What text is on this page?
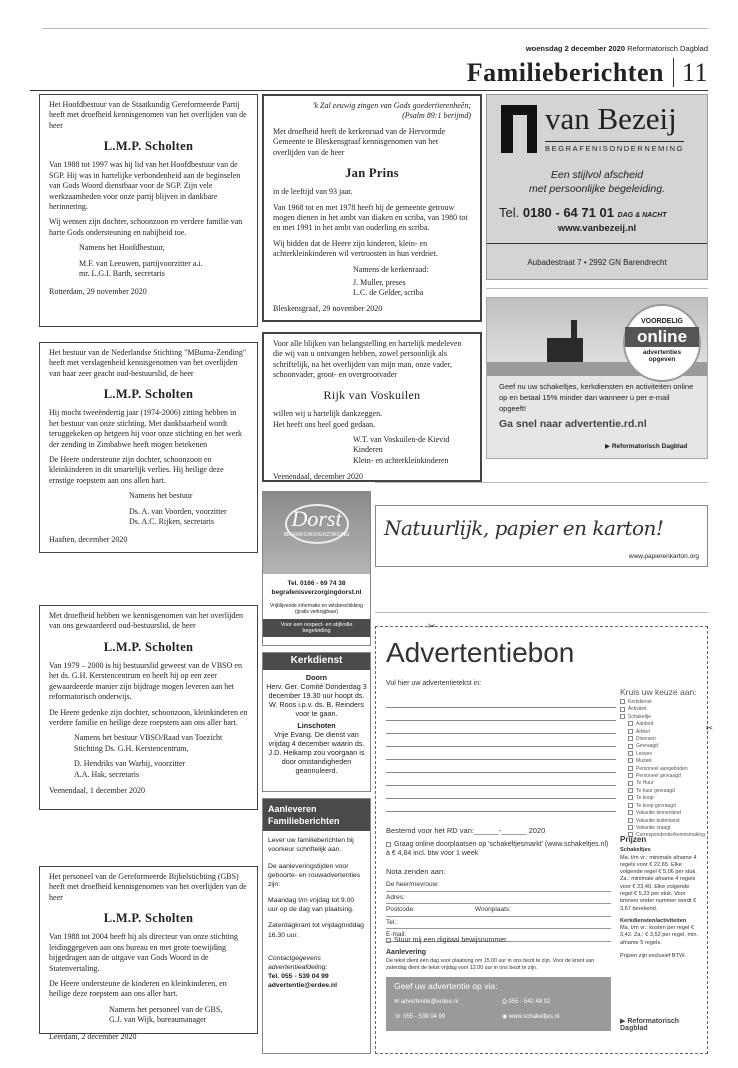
woensdag 2 december 2020 Reformatorisch Dagblad
Familieberichten 11

Het Hoofdbestuur van de Staatkundig Gereformeerde Partij heeft met droefheid kennisgenomen van het overlijden van de heer

L.M.P. Scholten

Van 1988 tot 1997 was hij lid van het Hoofdbestuur van de SGP. Hij was in hartelijke verbondenheid aan de beginselen van Gods Woord dienstbaar voor de SGP. Zijn vele werkzaamheden voor onze partij blijven in dankbare herinnering.

Wij wensen zijn dochter, schoonzoon en verdere familie van harte Gods ondersteuning en nabijheid toe.

Namens het Hoofdbestuur,

M.F. van Leeuwen, partijvoorzitter a.i.
mr. L.G.I. Barth, secretaris
Rotterdam, 29 november 2020
'k Zal eeuwig zingen van Gods goedertierenheên;
(Psalm 89:1 berijmd)

Met droefheid heeft de kerkenraad van de Hervormde Gemeente te Bleskensgraaf kennisgenomen van het overlijden van de heer

Jan Prins

in de leeftijd van 93 jaar.

Van 1968 tot en met 1978 heeft hij de gemeente getrouw mogen dienen in het ambt van diaken en scriba, van 1980 tot en met 1991 in het ambt van ouderling en scriba.

Wij bidden dat de Heere zijn kinderen, klein- en achterkleinkinderen wil vertroosten in hun verdriet.

Namens de kerkenraad:
J. Muller, preses
L.C. de Gelder, scriba
Bleskensgraaf, 29 november 2020
van Bezeij
BEGRAFENISONDERNEMING
Een stijlvol afscheid
met persoonlijke begeleiding.
Tel. 0180 - 64 71 01 DAG & NACHT
www.vanbezeij.nl
Aubadestraat 7 • 2992 GN Barendrecht
VOORDELIG
online
advertenties opgeven
Geef nu uw schakeltjes, kerkdiensten en activiteiten online op en betaal 15% minder dan wanneer u per e-mail opgeeft!
Ga snel naar advertentie.rd.nl
▶ Reformatorisch Dagblad

Het bestuur van de Nederlandse Stichting "MBuma-Zending" heeft met verslagenheid kennisgenomen van het overlijden van haar zeer geacht oud-bestuurslid, de heer

L.M.P. Scholten

Hij mocht tweeëndertig jaar (1974-2006) zitting hebben in het bestuur van onze stichting. Met dankbaarheid wordt teruggekeken op hetgeen hij voor onze stichting en het werk der zending in Zimbabwe heeft mogen betekenen

De Heere ondersteune zijn dochter, schoonzoon en kleinkinderen in dit smartelijk verlies. Hij heilige deze ernstige roepstem aan ons allen hart.

Namens het bestuur

Ds. A. van Voorden, voorzitter
Ds. A.C. Rijken, secretaris
Haaften, december 2020

Voor alle blijken van belangstelling en hartelijk medeleven die wij van u ontvangen hebben, zowel persoonlijk als schriftelijk, na het overlijden van mijn man, onze vader, schoonvader, groot- en overgrootvader

Rijk van Voskuilen
willen wij u hartelijk dankzeggen.

Het heeft ons heel goed gedaan.

W.T. van Voskuilen-de Kievid
Kinderen
Klein- en achterkleinkinderen
Veenendaal, december 2020
Dorst
BEGRAFENISVERZORGING
Tel. 0166 - 69 74 38
begrafenisverzorgingdorst.nl
Vrijblijvende informatie en wilsbeschikking (gratis verkrijgbaar)
Voor een respect- en stijlvolle begeleiding
Kerkdienst
Doorn
Herv. Ger. Comité Donderdag 3 december 19.30 uur hoopt ds. W. Roos i.p.v. ds. B. Reinders voor te gaan.
Linschoten
Vrije Evang. De dienst van vrijdag 4 december waarin ds. J.D. Heikamp zou voorgaan is door omstandigheden geannuleerd.
Aanleveren Familieberichten

Lever uw familieberichten bij voorkeur schriftelijk aan.

De aanleveringstijden voor geboorte- en rouwadvertenties zijn:

Maandag t/m vrijdag tot 9.00 uur op de dag van plaatsing.

Zaterdagkrant tot vrijdagmiddag 16.30 uur.

Contactgegevens advertentieafdeling:

Tel. 055 - 539 04 99
advertentie@erdee.nl
Natuurlijk, papier en karton!
www.papierenkarton.org

Met droefheid hebben we kennisgenomen van het overlijden van ons gewaardeerd oud-bestuurslid, de heer

L.M.P. Scholten

Van 1979 – 2000 is hij bestuurslid geweest van de VBSO en het ds. G.H. Kerstencentrum en heeft hij op een zeer gewaardeerde manier zijn bijdrage mogen leveren aan het reformatorisch onderwijs.

De Heere gedenke zijn dochter, schoonzoon, kleinkinderen en verdere familie en heilige deze roepstem aan ons aller hart.

Namens het bestuur VBSO/Raad van Toezicht Stichting Ds. G.H. Kerstencentrum,

D. Hendriks van Warbij, voorzitter
A.A. Hak, secretaris
Veenendaal, 1 december 2020

Het personeel van de Gereformeerde Bijbelstichting (GBS) heeft met droefheid kennisgenomen van het overlijden van de heer

L.M.P. Scholten

Van 1988 tot 2004 heeft hij als directeur van onze stichting leidinggegeven aan ons bureau en met grote toewijding bijgedragen aan de uitgave van Gods Woord in de Statenvertaling.

De Heere ondersteune de kinderen en kleinkinderen, en heilige deze roepstem aan ons aller hart.

Namens het personeel van de GBS,
G.J. van Wijk, bureaumanager
Leerdam, 2 december 2020
✂
✂
Advertentiebon
Vul hier uw advertentietekst in:
Kruis uw keuze aan:
Kerkdienst
Activiteit
Schakeltje
Aanbod
Artikel
Diversen
Gevraagd
Lessen
Muziek
Personeel aangeboden
Personeel gevraagd
Te Huur
Te huur gevraagd
Te koop
Te koop gevraagd
Vakantie binnenland
Vakantie buitenland
Vakantie vraagt
Correspondentie/kennismaking
Bestemd voor het RD van:______-______ 2020
Graag online doorplaatsen op 'schakeltjesmarkt' (www.schakeltjes.nl) à € 4,84 incl. btw voor 1 week
Nota zenden aan:
De heer/mevrouw:
Adres:
Postcode:	Woonplaats:
Tel.:
E-mail:
Stuur mij een digitaal bewijsnummer.
Aanlevering
De tekst dient één dag voor plaatsing om 15.00 uur in ons bezit te zijn. Voor de krant van zaterdag dient de tekst vrijdag voor 12.00 uur in ons bezit te zijn.
Prijzen
Schakeltjes
Ma. t/m vr.: minimale afname 4 regels voor € 22,65. Elke volgende regel € 5,06 per stuk. Za.: minimale afname 4 regels voor € 23,40. Elke volgende regel € 5,23 per stuk. Voor brieven onder nummer wordt € 3,67 berekend.
Kerkdiensten/activiteiten
Ma. t/m vr.: kosten per regel € 3,42. Za.: € 3,52 per regel, min. afname 5 regels.
Prijzen zijn exclusief BTW.
Geef uw advertentie op via:
✉ advertentie@erdee.nl	⎙ 055 - 542 48 02
☏ 055 - 539 04 99	◉ www.schakeltjes.nl
▶ Reformatorisch Dagblad
